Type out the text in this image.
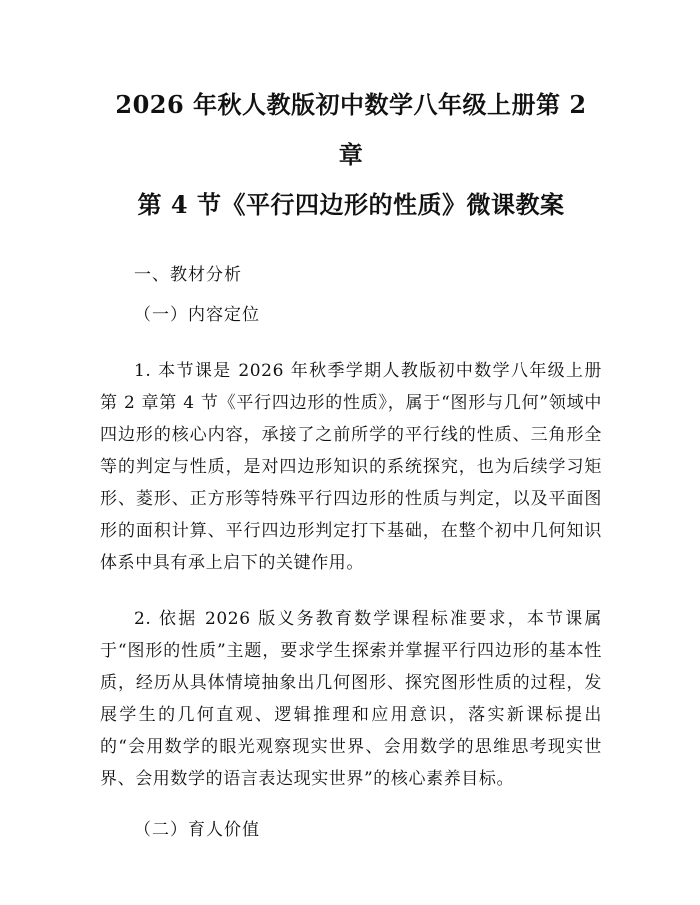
2026 年秋人教版初中数学八年级上册第 2 章
第 4 节《平行四边形的性质》微课教案

一、教材分析

（一）内容定位

1. 本节课是 2026 年秋季学期人教版初中数学八年级上册第 2 章第 4 节《平行四边形的性质》，属于“图形与几何”领域中四边形的核心内容，承接了之前所学的平行线的性质、三角形全等的判定与性质，是对四边形知识的系统探究，也为后续学习矩形、菱形、正方形等特殊平行四边形的性质与判定，以及平面图形的面积计算、平行四边形判定打下基础，在整个初中几何知识体系中具有承上启下的关键作用。

2. 依据 2026 版义务教育数学课程标准要求，本节课属于“图形的性质”主题，要求学生探索并掌握平行四边形的基本性质，经历从具体情境抽象出几何图形、探究图形性质的过程，发展学生的几何直观、逻辑推理和应用意识，落实新课标提出的“会用数学的眼光观察现实世界、会用数学的思维思考现实世界、会用数学的语言表达现实世界”的核心素养目标。

（二）育人价值
